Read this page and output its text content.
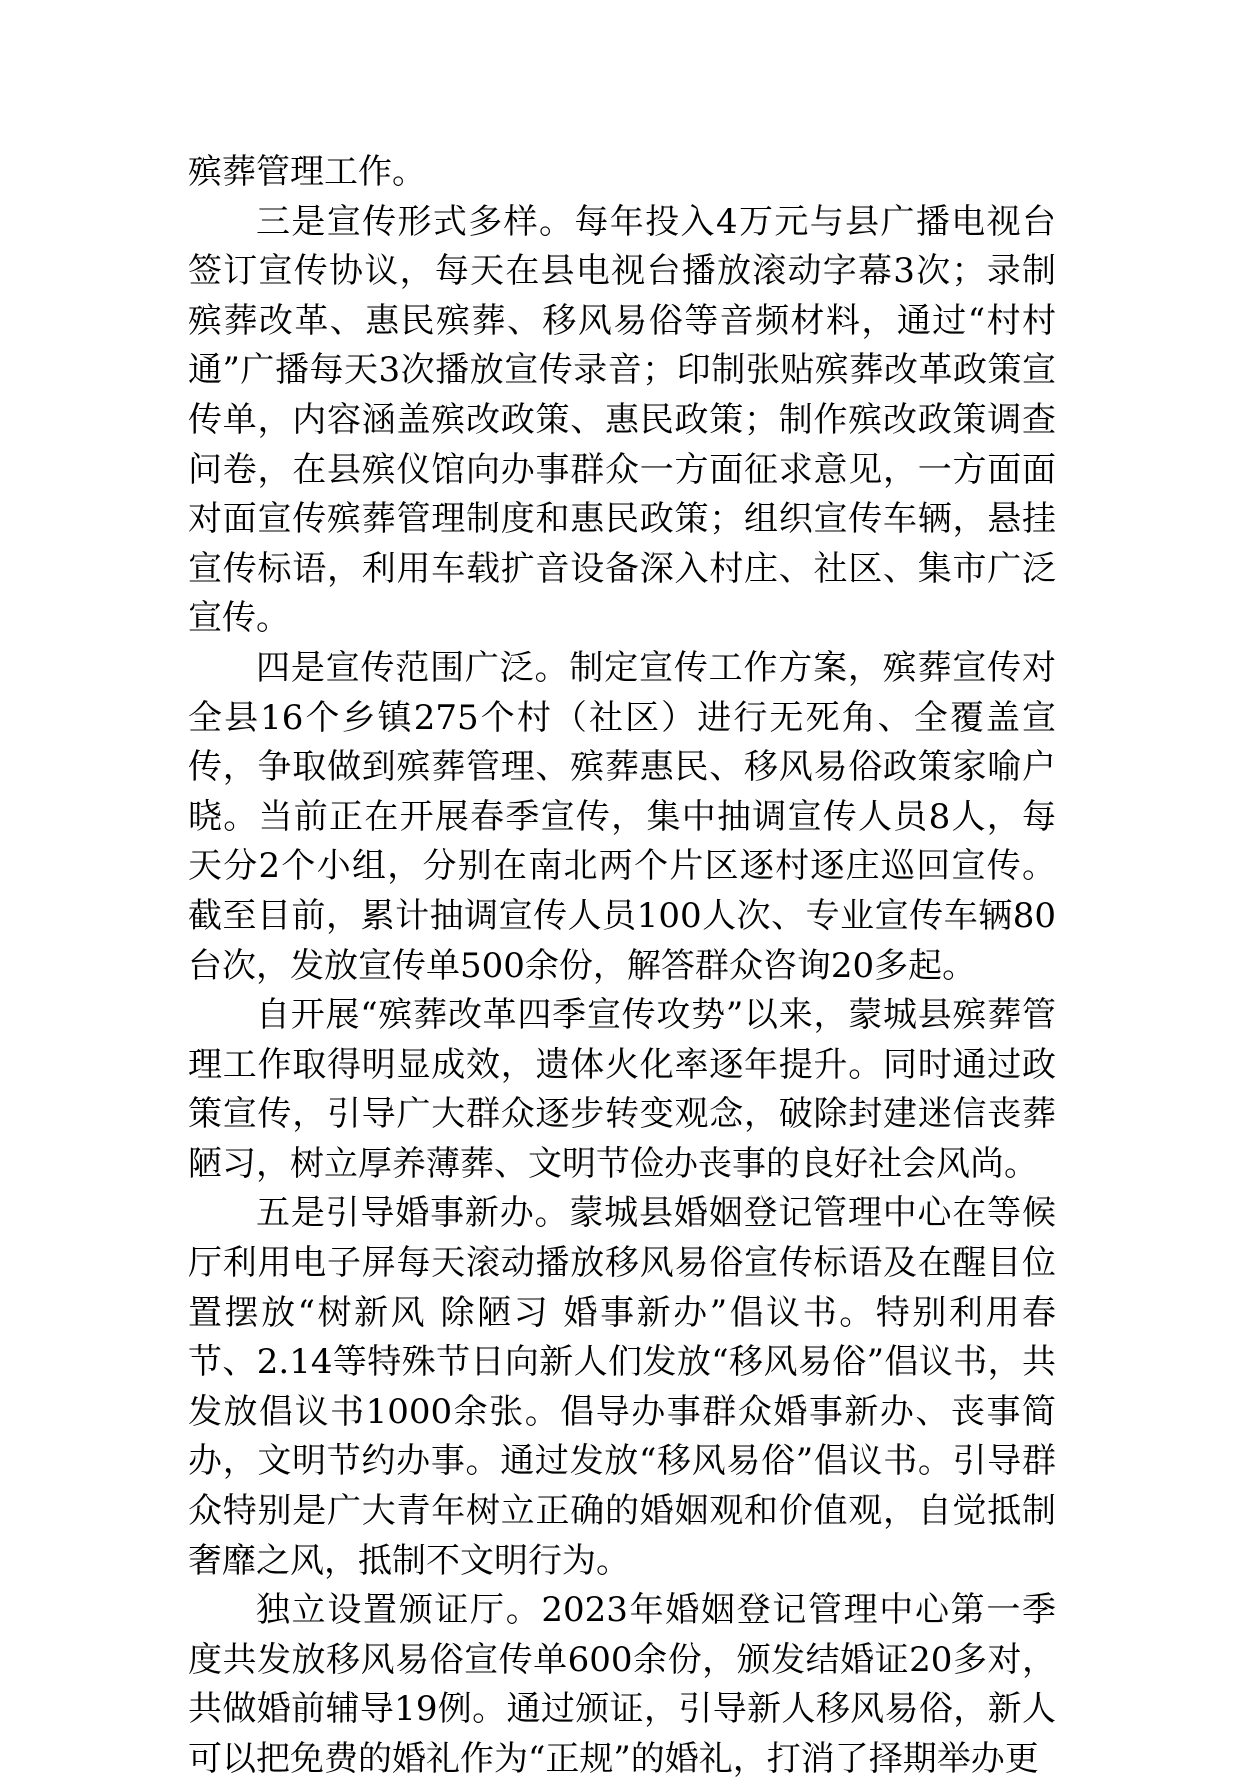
殡葬管理工作。

三是宣传形式多样。每年投入4万元与县广播电视台签订宣传协议，每天在县电视台播放滚动字幕3次；录制殡葬改革、惠民殡葬、移风易俗等音频材料，通过“村村通”广播每天3次播放宣传录音；印制张贴殡葬改革政策宣传单，内容涵盖殡改政策、惠民政策；制作殡改政策调查问卷，在县殡仪馆向办事群众一方面征求意见，一方面面对面宣传殡葬管理制度和惠民政策；组织宣传车辆，悬挂宣传标语，利用车载扩音设备深入村庄、社区、集市广泛宣传。

四是宣传范围广泛。制定宣传工作方案，殡葬宣传对全县16个乡镇275个村（社区）进行无死角、全覆盖宣传，争取做到殡葬管理、殡葬惠民、移风易俗政策家喻户晓。当前正在开展春季宣传，集中抽调宣传人员8人，每天分2个小组，分别在南北两个片区逐村逐庄巡回宣传。截至目前，累计抽调宣传人员100人次、专业宣传车辆80台次，发放宣传单500余份，解答群众咨询20多起。

自开展“殡葬改革四季宣传攻势”以来，蒙城县殡葬管理工作取得明显成效，遗体火化率逐年提升。同时通过政策宣传，引导广大群众逐步转变观念，破除封建迷信丧葬陋习，树立厚养薄葬、文明节俭办丧事的良好社会风尚。

五是引导婚事新办。蒙城县婚姻登记管理中心在等候厅利用电子屏每天滚动播放移风易俗宣传标语及在醒目位置摆放“树新风 除陋习 婚事新办”倡议书。特别利用春节、2.14等特殊节日向新人们发放“移风易俗”倡议书，共发放倡议书1000余张。倡导办事群众婚事新办、丧事简办，文明节约办事。通过发放“移风易俗”倡议书。引导群众特别是广大青年树立正确的婚姻观和价值观，自觉抵制奢靡之风，抵制不文明行为。

独立设置颁证厅。2023年婚姻登记管理中心第一季度共发放移风易俗宣传单600余份，颁发结婚证20多对，共做婚前辅导19例。通过颁证，引导新人移风易俗，新人可以把免费的婚礼作为“正规”的婚礼，打消了择期举办更
